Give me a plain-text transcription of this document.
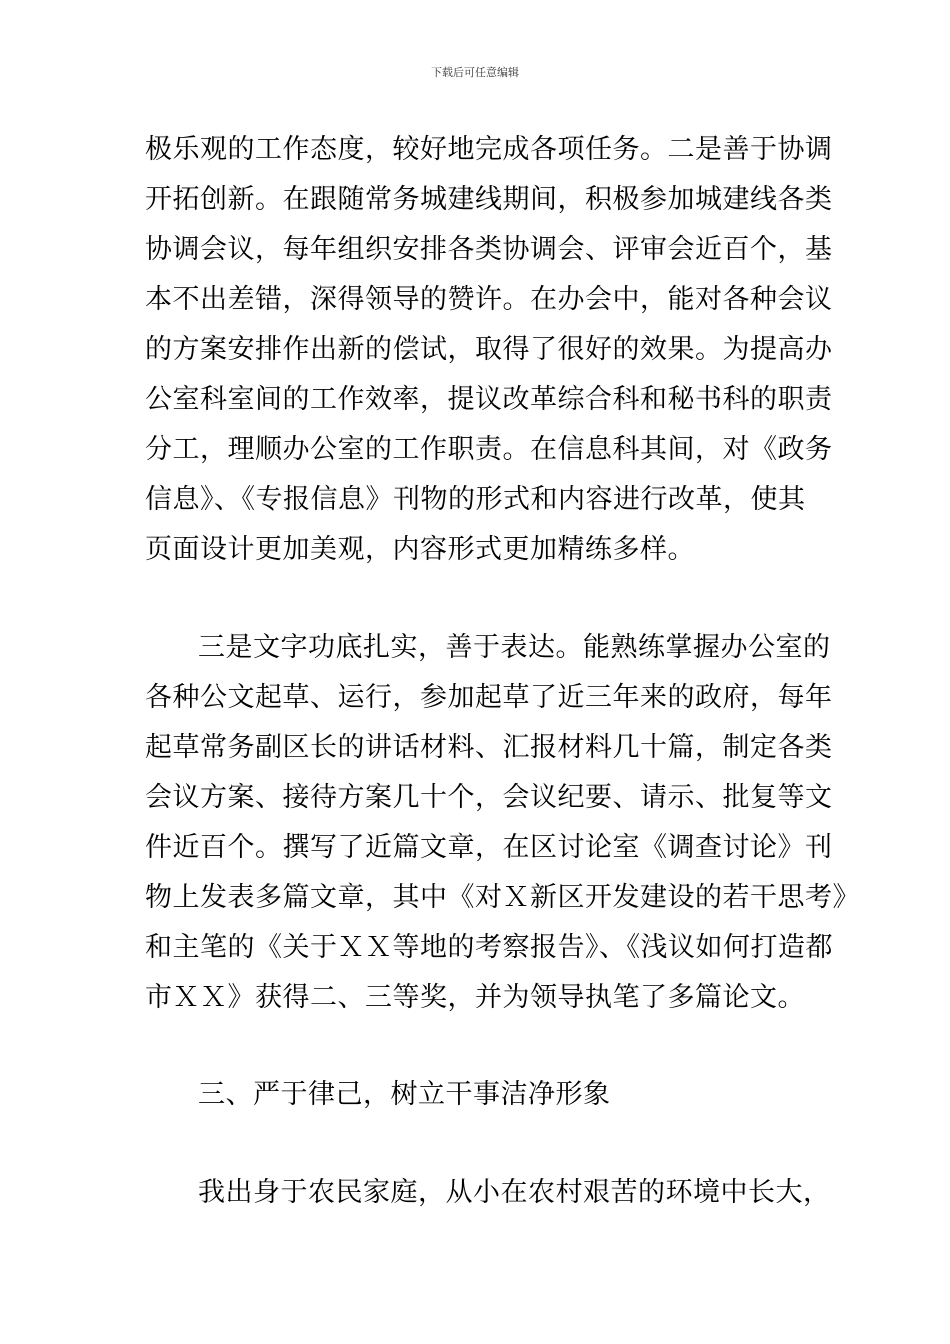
下载后可任意编辑
极乐观的工作态度，较好地完成各项任务。二是善于协调
开拓创新。在跟随常务城建线期间，积极参加城建线各类
协调会议，每年组织安排各类协调会、评审会近百个，基
本不出差错，深得领导的赞许。在办会中，能对各种会议
的方案安排作出新的偿试，取得了很好的效果。为提高办
公室科室间的工作效率，提议改革综合科和秘书科的职责
分工，理顺办公室的工作职责。在信息科其间，对《政务
信息》、《专报信息》刊物的形式和内容进行改革，使其
页面设计更加美观，内容形式更加精练多样。
三是文字功底扎实，善于表达。能熟练掌握办公室的
各种公文起草、运行，参加起草了近三年来的政府，每年
起草常务副区长的讲话材料、汇报材料几十篇，制定各类
会议方案、接待方案几十个，会议纪要、请示、批复等文
件近百个。撰写了近篇文章，在区讨论室《调查讨论》刊
物上发表多篇文章，其中《对Ｘ新区开发建设的若干思考》
和主笔的《关于ＸＸ等地的考察报告》、《浅议如何打造都
市ＸＸ》获得二、三等奖，并为领导执笔了多篇论文。
三、严于律己，树立干事洁净形象
我出身于农民家庭，从小在农村艰苦的环境中长大，
